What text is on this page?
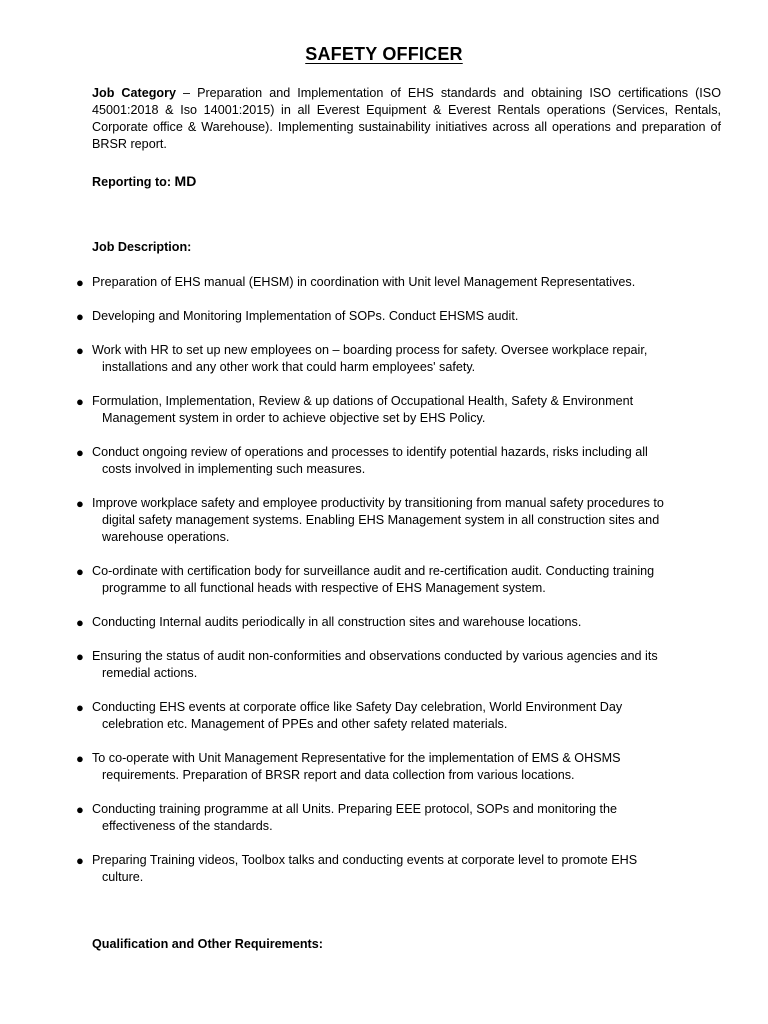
SAFETY OFFICER
Job Category – Preparation and Implementation of EHS standards and obtaining ISO certifications (ISO 45001:2018 & Iso 14001:2015) in all Everest Equipment & Everest Rentals operations (Services, Rentals, Corporate office & Warehouse). Implementing sustainability initiatives across all operations and preparation of BRSR report.
Reporting to: MD
Job Description:
● Preparation of EHS manual (EHSM) in coordination with Unit level Management Representatives.
● Developing and Monitoring Implementation of SOPs. Conduct EHSMS audit.
● Work with HR to set up new employees on – boarding process for safety. Oversee workplace repair,
installations and any other work that could harm employees' safety.
● Formulation, Implementation, Review & up dations of Occupational Health, Safety & Environment
Management system in order to achieve objective set by EHS Policy.
● Conduct ongoing review of operations and processes to identify potential hazards, risks including all
costs involved in implementing such measures.
● Improve workplace safety and employee productivity by transitioning from manual safety procedures to
digital safety management systems. Enabling EHS Management system in all construction sites and
warehouse operations.
● Co-ordinate with certification body for surveillance audit and re-certification audit. Conducting training
programme to all functional heads with respective of EHS Management system.
● Conducting Internal audits periodically in all construction sites and warehouse locations.
● Ensuring the status of audit non-conformities and observations conducted by various agencies and its
remedial actions.
● Conducting EHS events at corporate office like Safety Day celebration, World Environment Day
celebration etc. Management of PPEs and other safety related materials.
● To co-operate with Unit Management Representative for the implementation of EMS & OHSMS
requirements. Preparation of BRSR report and data collection from various locations.
● Conducting training programme at all Units. Preparing EEE protocol, SOPs and monitoring the
effectiveness of the standards.
● Preparing Training videos, Toolbox talks and conducting events at corporate level to promote EHS
culture.
Qualification and Other Requirements:
